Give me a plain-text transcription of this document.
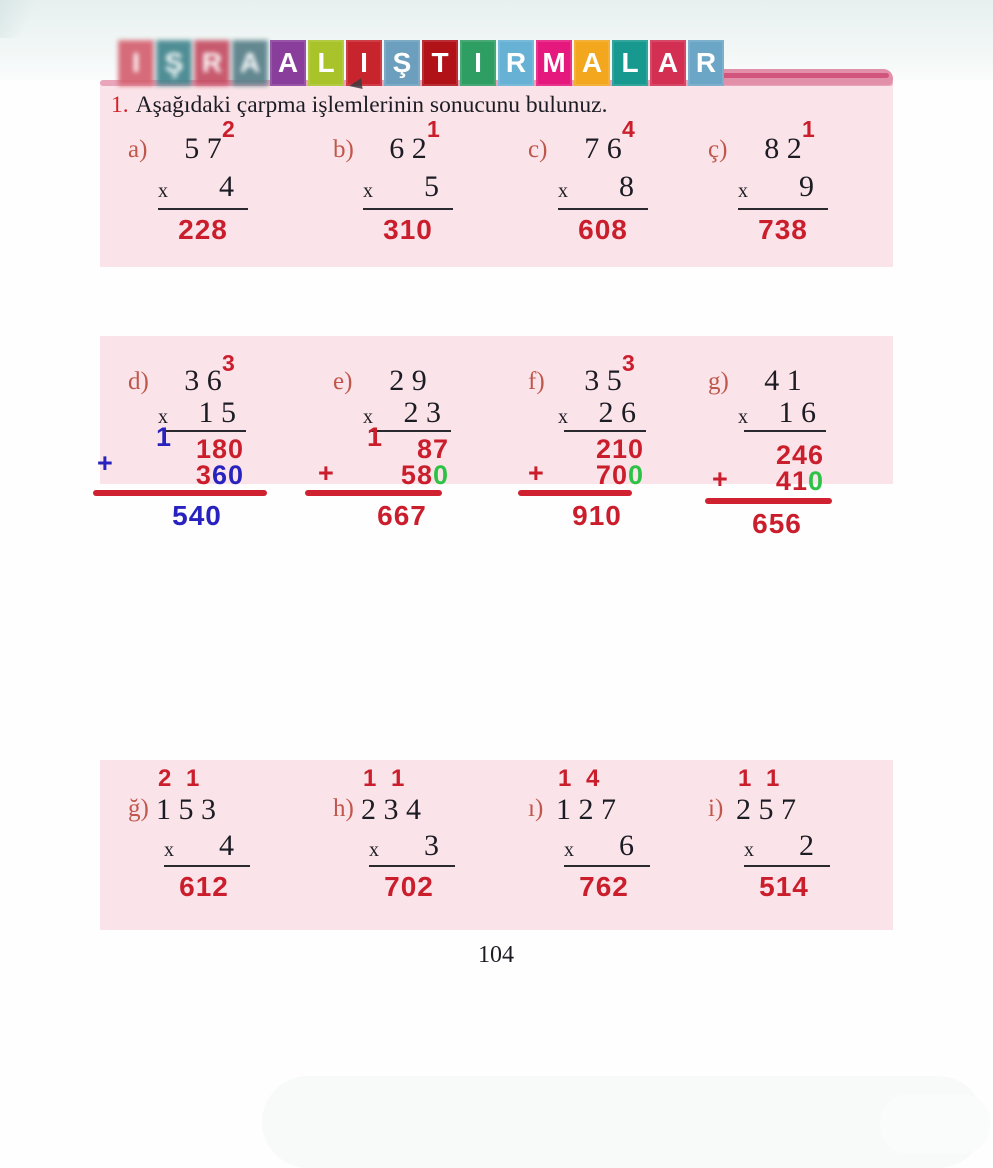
I Ş R A A L I Ş T I R M A L A R
1. Aşağıdaki çarpma işlemlerinin sonucunu bulunuz.
104
a)
2
5 7
x 4
228
b)
1
6 2
x 5
310
c)
4
7 6
x 8
608
ç)
1
8 2
x 9
738
d)
3
3 6
x 1 5
1 180
+	360
540
e)	2 9
x 2 3
1	87
+	580
667
f)
3
3 5
x 2 6
210
+	700
910
g)	4 1
x 1 6
246
+	410
656
2 1
ğ) 1 5 3
x 4
612
1 1
h) 2 3 4
x 3
702
1 4
ı) 1 2 7
x 6
762
1 1
i) 2 5 7
x 2
514
